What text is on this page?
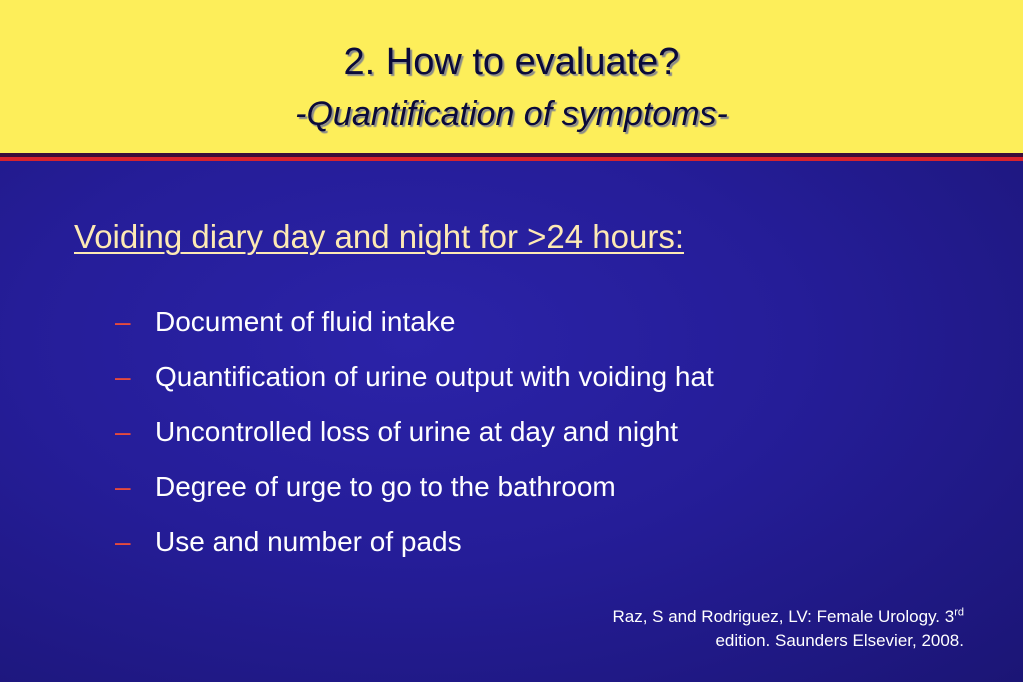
2. How to evaluate?
-Quantification of symptoms-
Voiding diary day and night for >24 hours:
– Document of fluid intake
– Quantification of urine output with voiding hat
– Uncontrolled loss of urine at day and night
– Degree of urge to go to the bathroom
– Use and number of pads
Raz, S and Rodriguez, LV: Female Urology. 3rd
edition. Saunders Elsevier, 2008.
